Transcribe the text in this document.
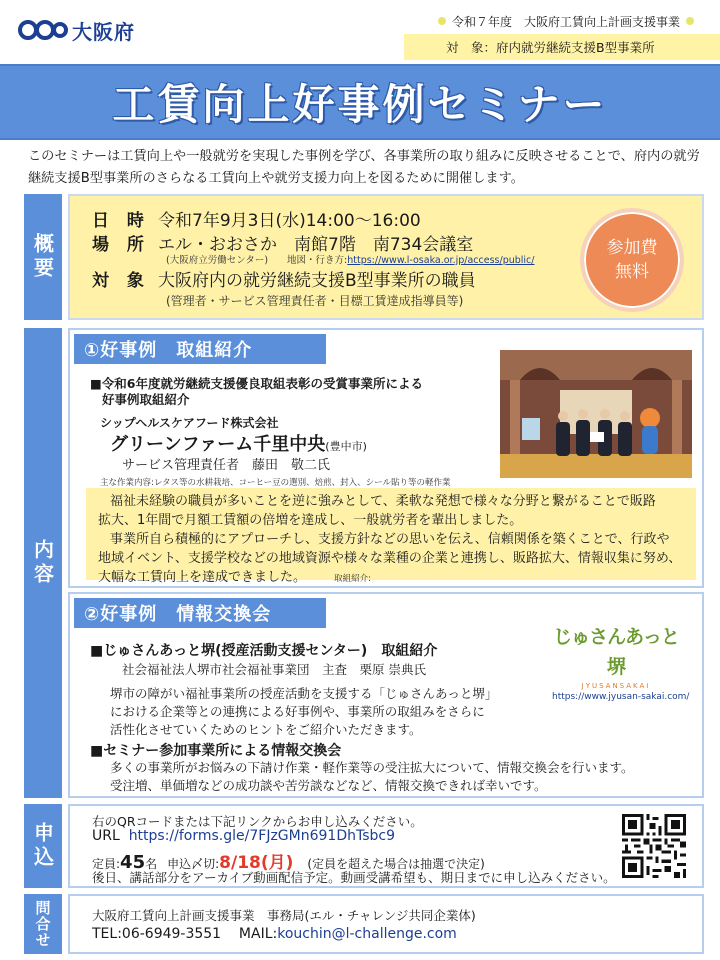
大阪府	令和７年度　大阪府工賃向上計画支援事業
対　象：府内就労継続支援B型事業所
工賃向上好事例セミナー
このセミナーは工賃向上や一般就労を実現した事例を学び、各事業所の取り組みに反映させることで、府内の就労継続支援B型事業所のさらなる工賃向上や就労支援力向上を図るために開催します。
概要
日 時 令和7年9月3日(水)14:00～16:00
場 所 エル・おおさか　南館7階　南734会議室
(大阪府立労働センター)　　地図・行き方:https://www.l-osaka.or.jp/access/public/
対 象 大阪府内の就労継続支援B型事業所の職員
(管理者・サービス管理責任者・目標工賃達成指導員等)
参加費
無料
内容
①好事例　取組紹介
■令和6年度就労継続支援優良取組表彰の受賞事業所による
好事例取組紹介
シップヘルスケアフード株式会社
グリーンファーム千里中央(豊中市)
サービス管理責任者　藤田　敬二氏
主な作業内容:レタス等の水耕栽培、コーヒー豆の選別、焙煎、封入、シール貼り等の軽作業
福祉未経験の職員が多いことを逆に強みとして、柔軟な発想で様々な分野と繋がることで販路
拡大、1年間で月額工賃額の倍増を達成し、一般就労者を輩出しました。
事業所自ら積極的にアプローチし、支援方針などの思いを伝え、信頼関係を築くことで、行政や
地域イベント、支援学校などの地域資源や様々な業種の企業と連携し、販路拡大、情報収集に努め、
大幅な工賃向上を達成できました。	取組紹介:
②好事例　情報交換会
■じゅさんあっと堺(授産活動支援センター)　取組紹介
社会福祉法人堺市社会福祉事業団　主査　栗原 崇典氏
堺市の障がい福祉事業所の授産活動を支援する「じゅさんあっと堺」
における企業等との連携による好事例や、事業所の取組みをさらに
活性化させていくためのヒントをご紹介いただきます。
■セミナー参加事業所による情報交換会
多くの事業所がお悩みの下請け作業・軽作業等の受注拡大について、情報交換会を行います。
受注増、単価増などの成功談や苦労談などなど、情報交換できれば幸いです。
https://www.jyusan-sakai.com/
じゅさんあっと堺
JYUSANSAKAI
申込
右のQRコードまたは下記リンクからお申し込みください。
URL https://forms.gle/7FJzGMn691DhTsbc9
定員: 45 名 申込〆切: 8/18(月) (定員を超えた場合は抽選で決定)
後日、講話部分をアーカイブ動画配信予定。動画受講希望も、期日までに申し込みください。
問合せ	大阪府工賃向上計画支援事業　事務局(エル・チャレンジ共同企業体)
TEL:06-6949-3551 MAIL:kouchin@l-challenge.com
